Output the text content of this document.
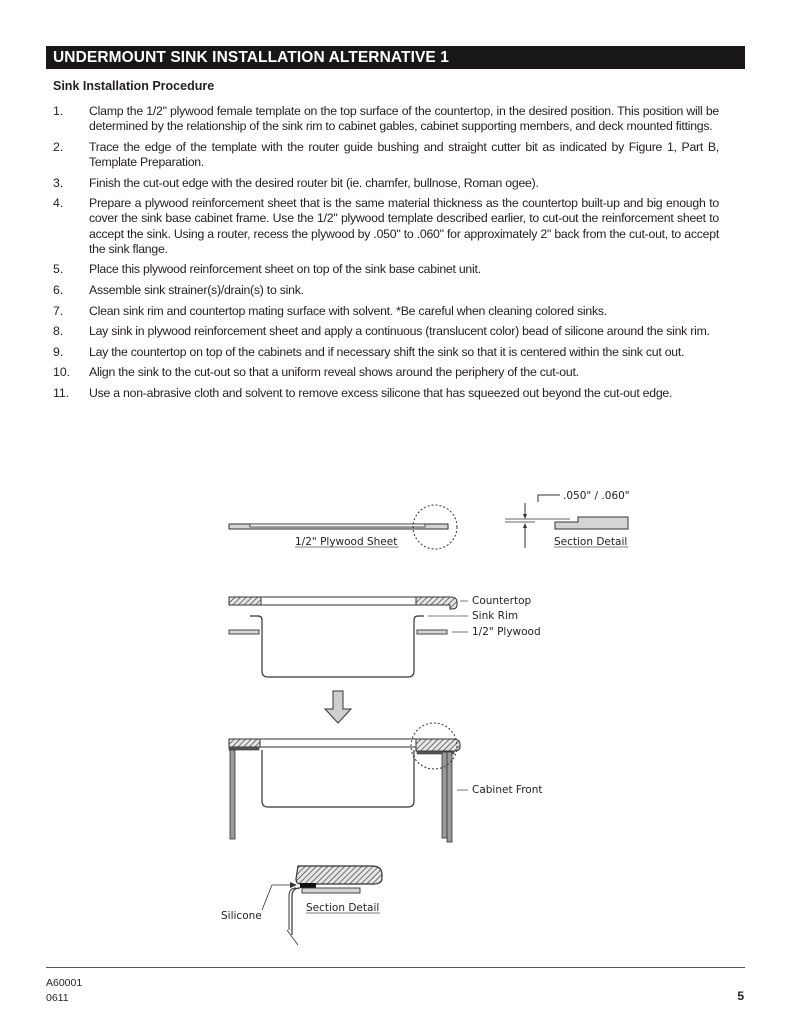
UNDERMOUNT SINK INSTALLATION ALTERNATIVE 1
Sink Installation Procedure
1.	Clamp the 1/2" plywood female template on the top surface of the countertop, in the desired position. This position will be determined by the relationship of the sink rim to cabinet gables, cabinet supporting members, and deck mounted fittings.
2.	Trace the edge of the template with the router guide bushing and straight cutter bit as indicated by Figure 1, Part B, Template Preparation.
3.	Finish the cut-out edge with the desired router bit (ie. chamfer, bullnose, Roman ogee).
4.	Prepare a plywood reinforcement sheet that is the same material thickness as the countertop built-up and big enough to cover the sink base cabinet frame. Use the 1/2" plywood template described earlier, to cut-out the reinforcement sheet to accept the sink. Using a router, recess the plywood by .050" to .060" for approximately 2" back from the cut-out, to accept the sink flange.
5.	Place this plywood reinforcement sheet on top of the sink base cabinet unit.
6.	Assemble sink strainer(s)/drain(s) to sink.
7.	Clean sink rim and countertop mating surface with solvent. *Be careful when cleaning colored sinks.
8.	Lay sink in plywood reinforcement sheet and apply a continuous (translucent color) bead of silicone around the sink rim.
9.	Lay the countertop on top of the cabinets and if necessary shift the sink so that it is centered within the sink cut out.
10.	Align the sink to the cut-out so that a uniform reveal shows around the periphery of the cut-out.
11.	Use a non-abrasive cloth and solvent to remove excess silicone that has squeezed out beyond the cut-out edge.
1/2" Plywood Sheet
.050" / .060"
Section Detail
Countertop
Sink Rim
1/2" Plywood
Cabinet Front
Silicone
Section Detail
A60001
0611	5
